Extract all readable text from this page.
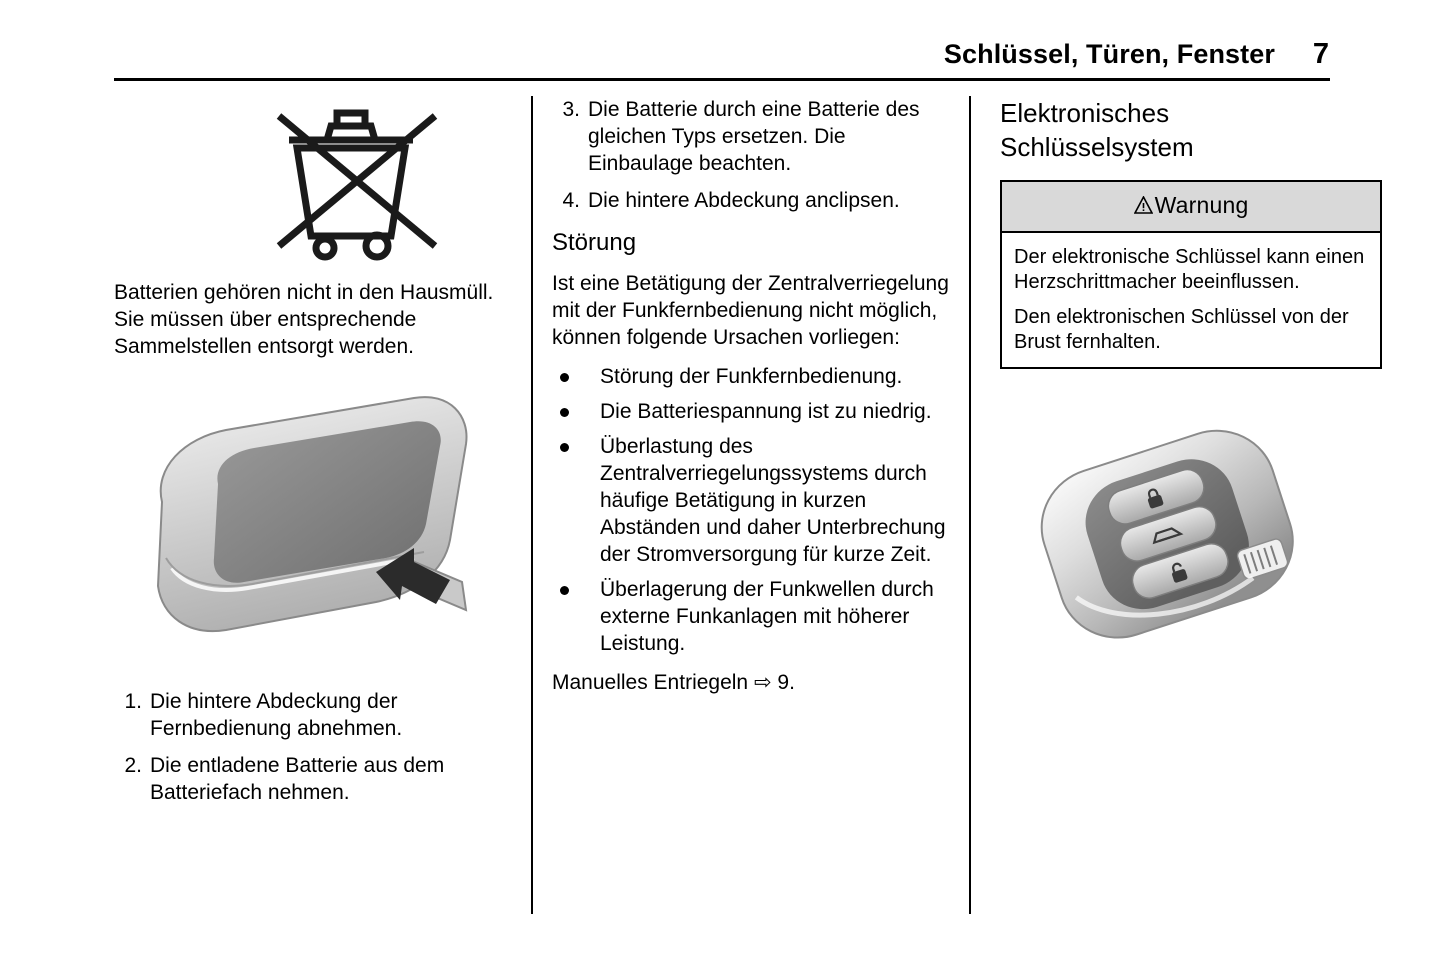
Schlüssel, Türen, Fenster	7

Batterien gehören nicht in den Hausmüll. Sie müssen über entsprechende Sammelstellen entsorgt werden.

1. Die hintere Abdeckung der Fernbedienung abnehmen.
2. Die entladene Batterie aus dem Batteriefach nehmen.
3. Die Batterie durch eine Batterie des gleichen Typs ersetzen. Die Einbaulage beachten.
4. Die hintere Abdeckung anclipsen.
Störung

Ist eine Betätigung der Zentralverriegelung mit der Funkfernbedienung nicht möglich, können folgende Ursachen vorliegen:

Störung der Funkfernbedienung.
Die Batteriespannung ist zu niedrig.
Überlastung des Zentralverriegelungssystems durch häufige Betätigung in kurzen Abständen und daher Unterbrechung der Stromversorgung für kurze Zeit.
Überlagerung der Funkwellen durch externe Funkanlagen mit höherer Leistung.

Manuelles Entriegeln ⇨ 9.

Elektronisches Schlüsselsystem
Warnung

Der elektronische Schlüssel kann einen Herzschrittmacher beeinflussen.

Den elektronischen Schlüssel von der Brust fernhalten.
